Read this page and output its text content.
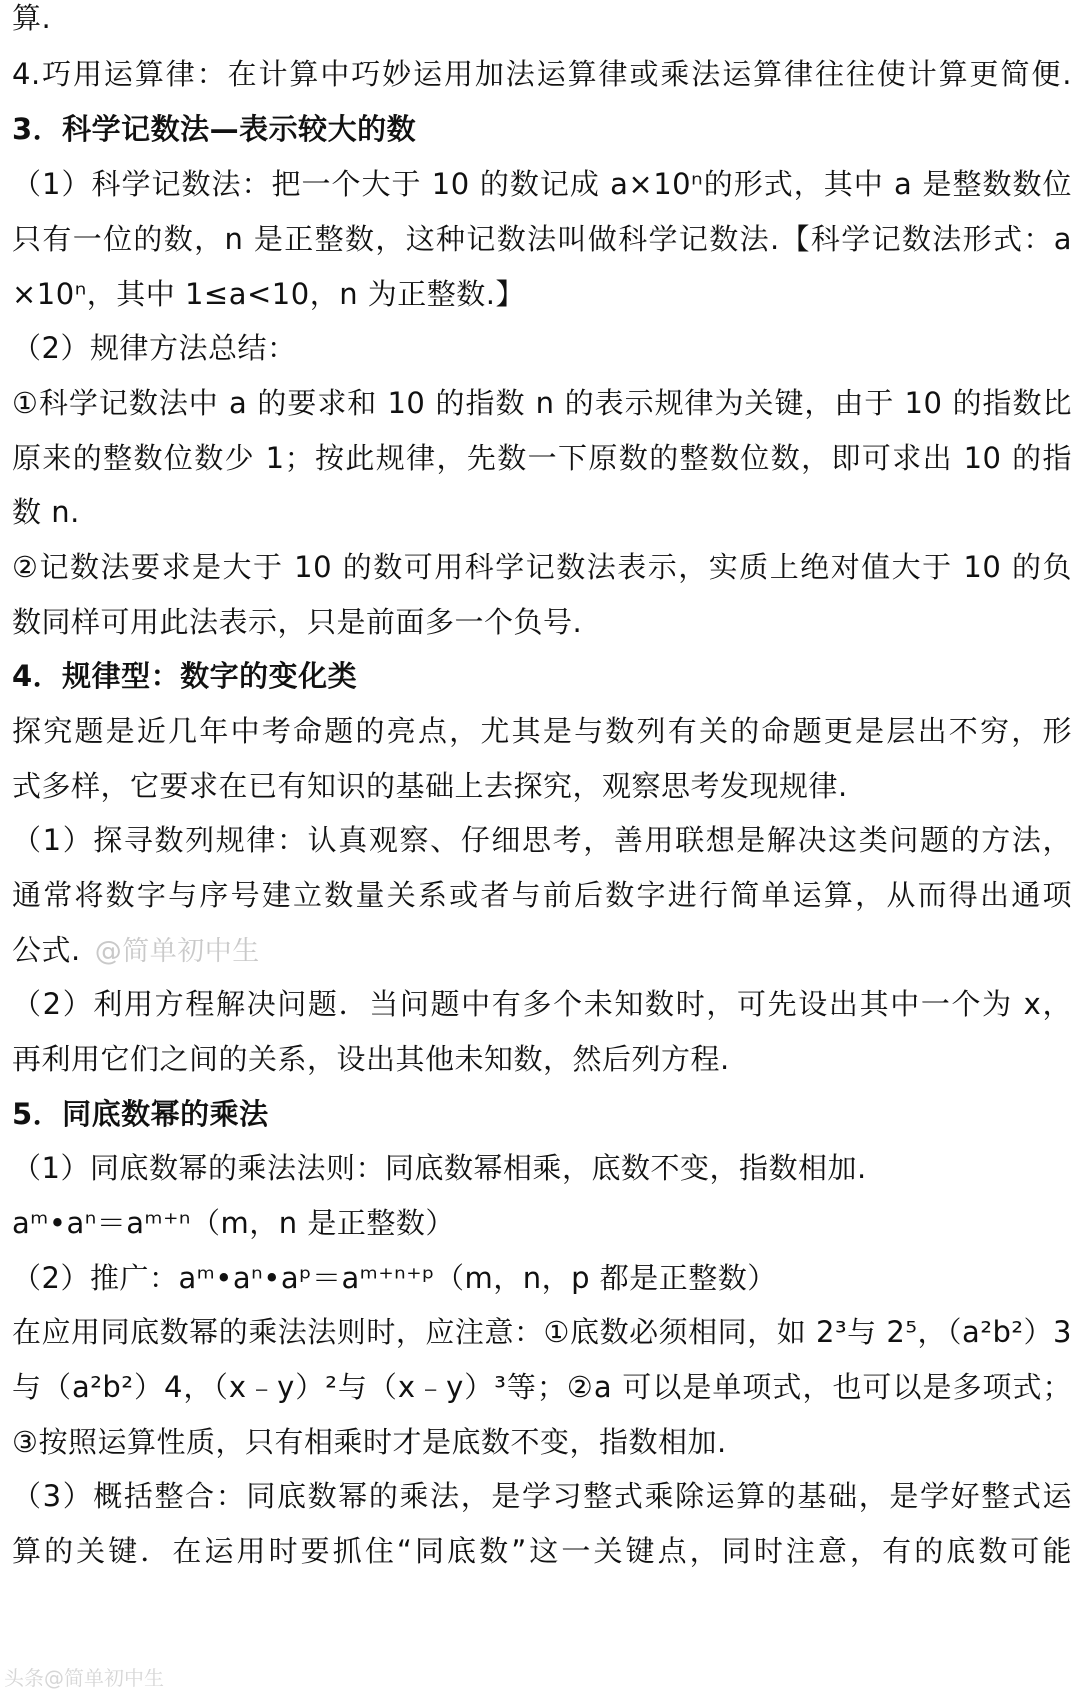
算.
4.巧用运算律：在计算中巧妙运用加法运算律或乘法运算律往往使计算更简便.
3．科学记数法—表示较大的数
（1）科学记数法：把一个大于 10 的数记成 a×10ⁿ的形式，其中 a 是整数数位
只有一位的数，n 是正整数，这种记数法叫做科学记数法.【科学记数法形式：a
×10ⁿ，其中 1≤a<10，n 为正整数.】
（2）规律方法总结：
①科学记数法中 a 的要求和 10 的指数 n 的表示规律为关键，由于 10 的指数比
原来的整数位数少 1；按此规律，先数一下原数的整数位数，即可求出 10 的指
数 n.
②记数法要求是大于 10 的数可用科学记数法表示，实质上绝对值大于 10 的负
数同样可用此法表示，只是前面多一个负号.
4．规律型：数字的变化类
探究题是近几年中考命题的亮点，尤其是与数列有关的命题更是层出不穷，形
式多样，它要求在已有知识的基础上去探究，观察思考发现规律.
（1）探寻数列规律：认真观察、仔细思考，善用联想是解决这类问题的方法，
通常将数字与序号建立数量关系或者与前后数字进行简单运算，从而得出通项
公式. @简单初中生
（2）利用方程解决问题．当问题中有多个未知数时，可先设出其中一个为 x，
再利用它们之间的关系，设出其他未知数，然后列方程.
5．同底数幂的乘法
（1）同底数幂的乘法法则：同底数幂相乘，底数不变，指数相加.
aᵐ•aⁿ＝aᵐ⁺ⁿ（m，n 是正整数）
（2）推广：aᵐ•aⁿ•aᵖ＝aᵐ⁺ⁿ⁺ᵖ（m，n，p 都是正整数）
在应用同底数幂的乘法法则时，应注意：①底数必须相同，如 2³与 2⁵，（a²b²）3
与（a²b²）4，（x﹣y）²与（x﹣y）³等；②a 可以是单项式，也可以是多项式；
③按照运算性质，只有相乘时才是底数不变，指数相加.
（3）概括整合：同底数幂的乘法，是学习整式乘除运算的基础，是学好整式运
算的关键．在运用时要抓住“同底数”这一关键点，同时注意，有的底数可能
头条@简单初中生
